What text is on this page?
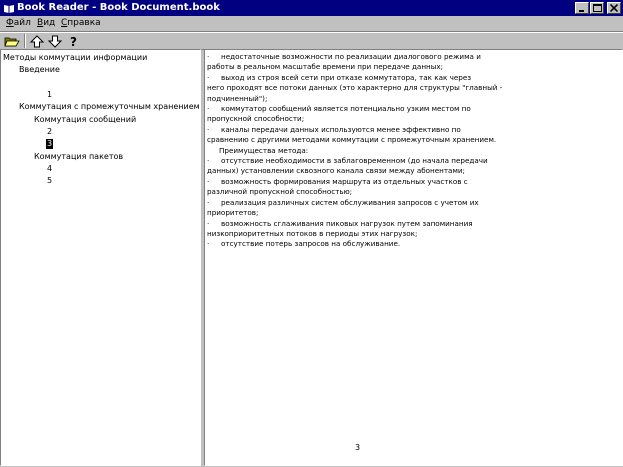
Book Reader - Book Document.book
Файл Вид Справка
?
Методы коммутации информации
Введение
1
Коммутация с промежуточным хранением
Коммутация сообщений
2
3
Коммутация пакетов
4
5
· недостаточные возможности по реализации диалогового режима и
работы в реальном масштабе времени при передаче данных;
· выход из строя всей сети при отказе коммутатора, так как через
него проходят все потоки данных (это характерно для структуры "главный -
подчиненный");
· коммутатор сообщений является потенциально узким местом по
пропускной способности;
· каналы передачи данных используются менее эффективно по
сравнению с другими методами коммутации с промежуточным хранением.
Преимущества метода:
· отсутствие необходимости в заблаговременном (до начала передачи
данных) установлении сквозного канала связи между абонентами;
· возможность формирования маршрута из отдельных участков с
различной пропускной способностью;
· реализация различных систем обслуживания запросов с учетом их
приоритетов;
· возможность сглаживания пиковых нагрузок путем запоминания
низкоприоритетных потоков в периоды этих нагрузок;
· отсутствие потерь запросов на обслуживание.
3
